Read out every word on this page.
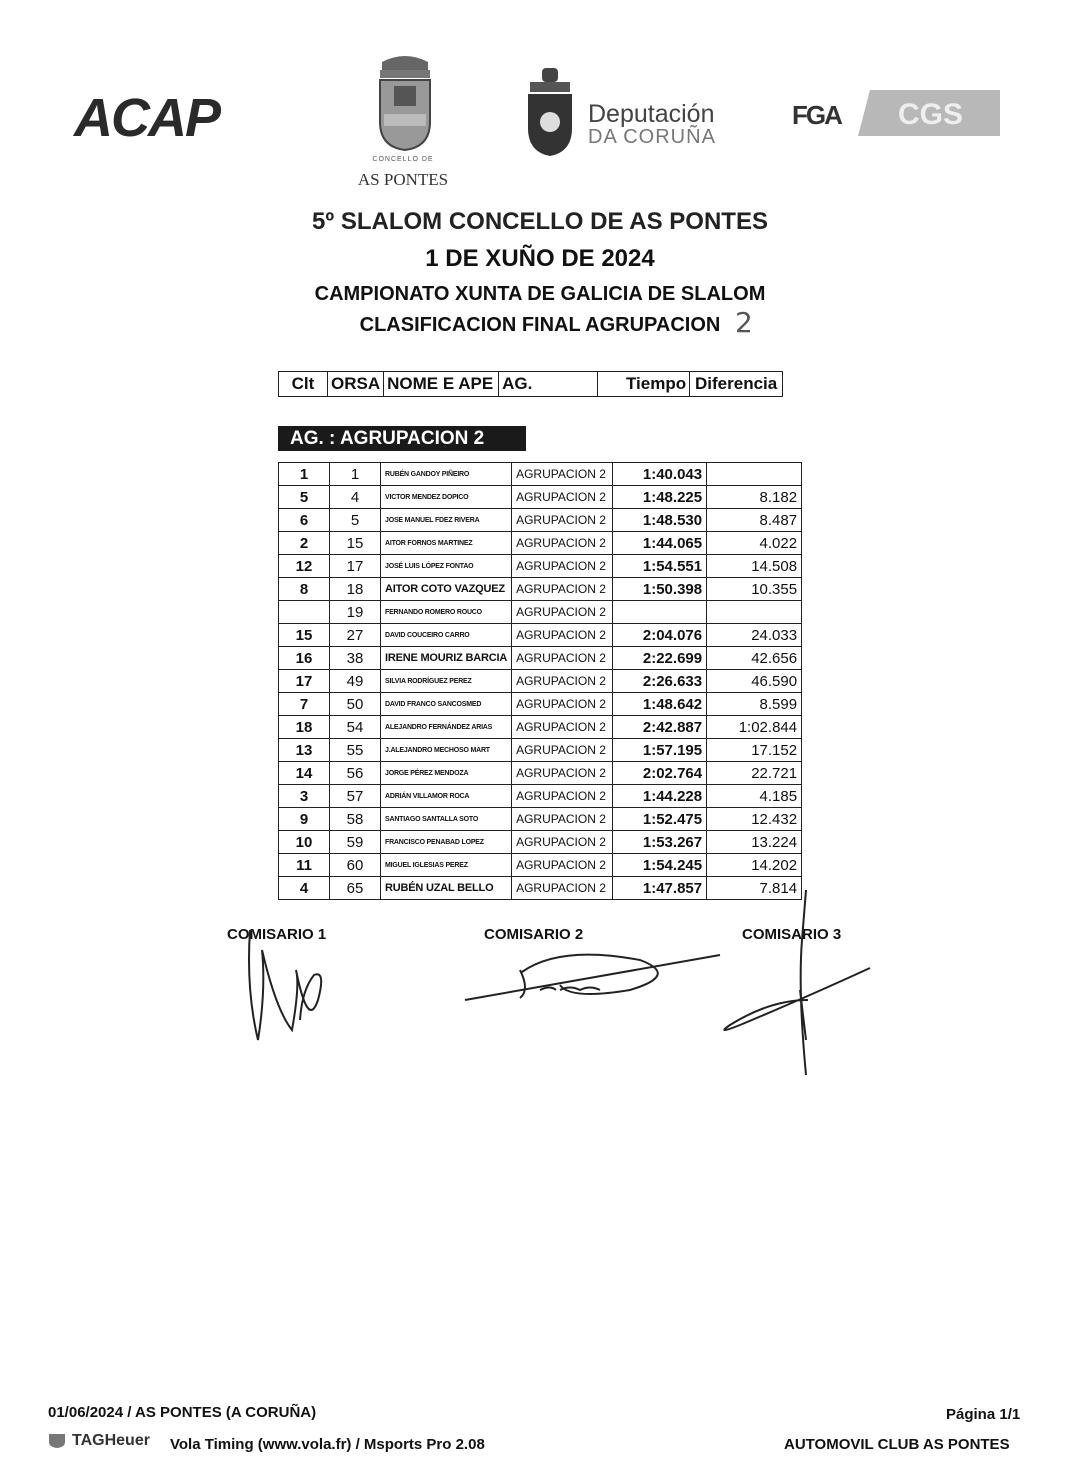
ACAP
CONCELLO DE
AS PONTES
Deputación
DA CORUÑA
FGA CGS
5º SLALOM CONCELLO DE AS PONTES
1 DE XUÑO DE 2024
CAMPIONATO XUNTA DE GALICIA DE SLALOM
CLASIFICACION FINAL AGRUPACION 2
Clt	ORSA	NOME E APE	AG.	Tiempo	Diferencia
AG. : AGRUPACION 2
1	1	RUBÉN GANDOY PIÑEIRO	AGRUPACION 2	1:40.043	
5	4	VICTOR MENDEZ DOPICO	AGRUPACION 2	1:48.225	8.182
6	5	JOSE MANUEL FDEZ RIVERA	AGRUPACION 2	1:48.530	8.487
2	15	AITOR FORNOS MARTINEZ	AGRUPACION 2	1:44.065	4.022
12	17	JOSÉ LUIS LÓPEZ FONTAO	AGRUPACION 2	1:54.551	14.508
8	18	AITOR COTO VAZQUEZ	AGRUPACION 2	1:50.398	10.355
	19	FERNANDO ROMERO ROUCO	AGRUPACION 2		
15	27	DAVID COUCEIRO CARRO	AGRUPACION 2	2:04.076	24.033
16	38	IRENE MOURIZ BARCIA	AGRUPACION 2	2:22.699	42.656
17	49	SILVIA RODRÍGUEZ PEREZ	AGRUPACION 2	2:26.633	46.590
7	50	DAVID FRANCO SANCOSMED	AGRUPACION 2	1:48.642	8.599
18	54	ALEJANDRO FERNÁNDEZ ARIAS	AGRUPACION 2	2:42.887	1:02.844
13	55	J.ALEJANDRO MECHOSO MART	AGRUPACION 2	1:57.195	17.152
14	56	JORGE PÉREZ MENDOZA	AGRUPACION 2	2:02.764	22.721
3	57	ADRIÁN VILLAMOR ROCA	AGRUPACION 2	1:44.228	4.185
9	58	SANTIAGO SANTALLA SOTO	AGRUPACION 2	1:52.475	12.432
10	59	FRANCISCO PENABAD LOPEZ	AGRUPACION 2	1:53.267	13.224
11	60	MIGUEL IGLESIAS PEREZ	AGRUPACION 2	1:54.245	14.202
4	65	RUBÉN UZAL BELLO	AGRUPACION 2	1:47.857	7.814
COMISARIO 1	COMISARIO 2	COMISARIO 3
01/06/2024 / AS PONTES (A CORUÑA)	Página 1/1
TAGHeuer Vola Timing (www.vola.fr) / Msports Pro 2.08	AUTOMOVIL CLUB AS PONTES
